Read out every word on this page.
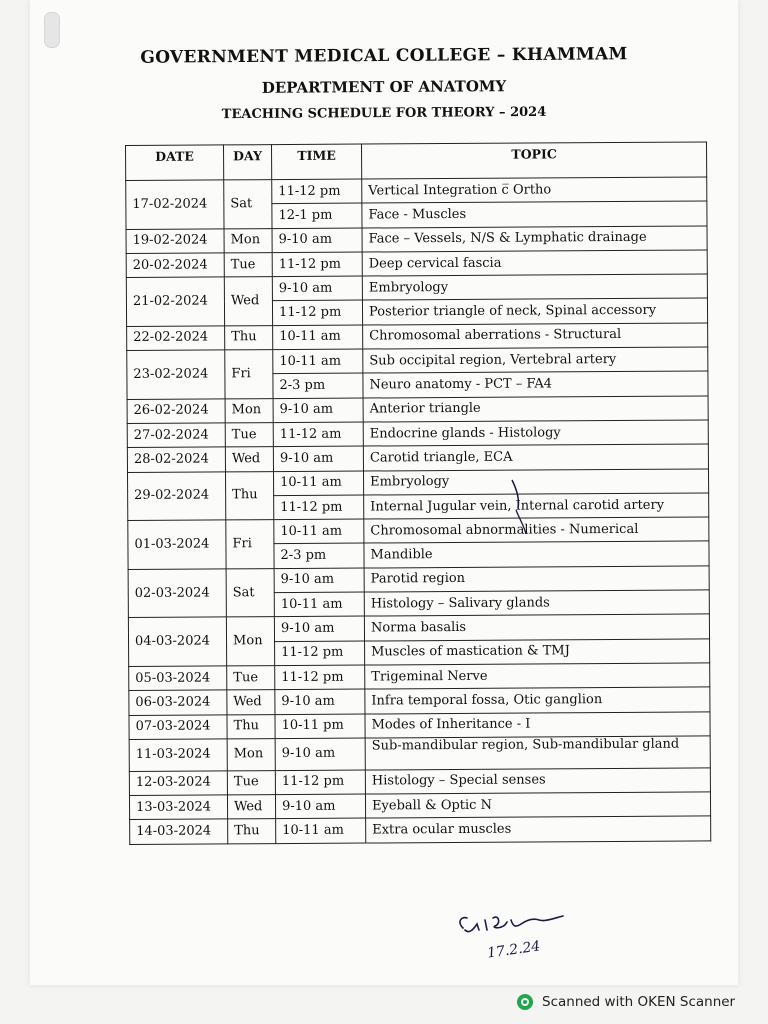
GOVERNMENT MEDICAL COLLEGE – KHAMMAM
DEPARTMENT OF ANATOMY
TEACHING SCHEDULE FOR THEORY – 2024
DATE	DAY	TIME	TOPIC
17-02-2024	Sat	11-12 pm	Vertical Integration c̅ Ortho
		12-1 pm	Face - Muscles
19-02-2024	Mon	9-10 am	Face – Vessels, N/S & Lymphatic drainage
20-02-2024	Tue	11-12 pm	Deep cervical fascia
21-02-2024	Wed	9-10 am	Embryology
		11-12 pm	Posterior triangle of neck, Spinal accessory
22-02-2024	Thu	10-11 am	Chromosomal aberrations - Structural
23-02-2024	Fri	10-11 am	Sub occipital region, Vertebral artery
		2-3 pm	Neuro anatomy - PCT – FA4
26-02-2024	Mon	9-10 am	Anterior triangle
27-02-2024	Tue	11-12 am	Endocrine glands - Histology
28-02-2024	Wed	9-10 am	Carotid triangle, ECA
29-02-2024	Thu	10-11 am	Embryology
		11-12 pm	Internal Jugular vein, Internal carotid artery
01-03-2024	Fri	10-11 am	Chromosomal abnormalities - Numerical
		2-3 pm	Mandible
02-03-2024	Sat	9-10 am	Parotid region
		10-11 am	Histology – Salivary glands
04-03-2024	Mon	9-10 am	Norma basalis
		11-12 pm	Muscles of mastication & TMJ
05-03-2024	Tue	11-12 pm	Trigeminal Nerve
06-03-2024	Wed	9-10 am	Infra temporal fossa, Otic ganglion
07-03-2024	Thu	10-11 pm	Modes of Inheritance - I
11-03-2024	Mon	9-10 am	Sub-mandibular region, Sub-mandibular gland
12-03-2024	Tue	11-12 pm	Histology – Special senses
13-03-2024	Wed	9-10 am	Eyeball & Optic N
14-03-2024	Thu	10-11 am	Extra ocular muscles
17.2.24
Scanned with OKEN Scanner
